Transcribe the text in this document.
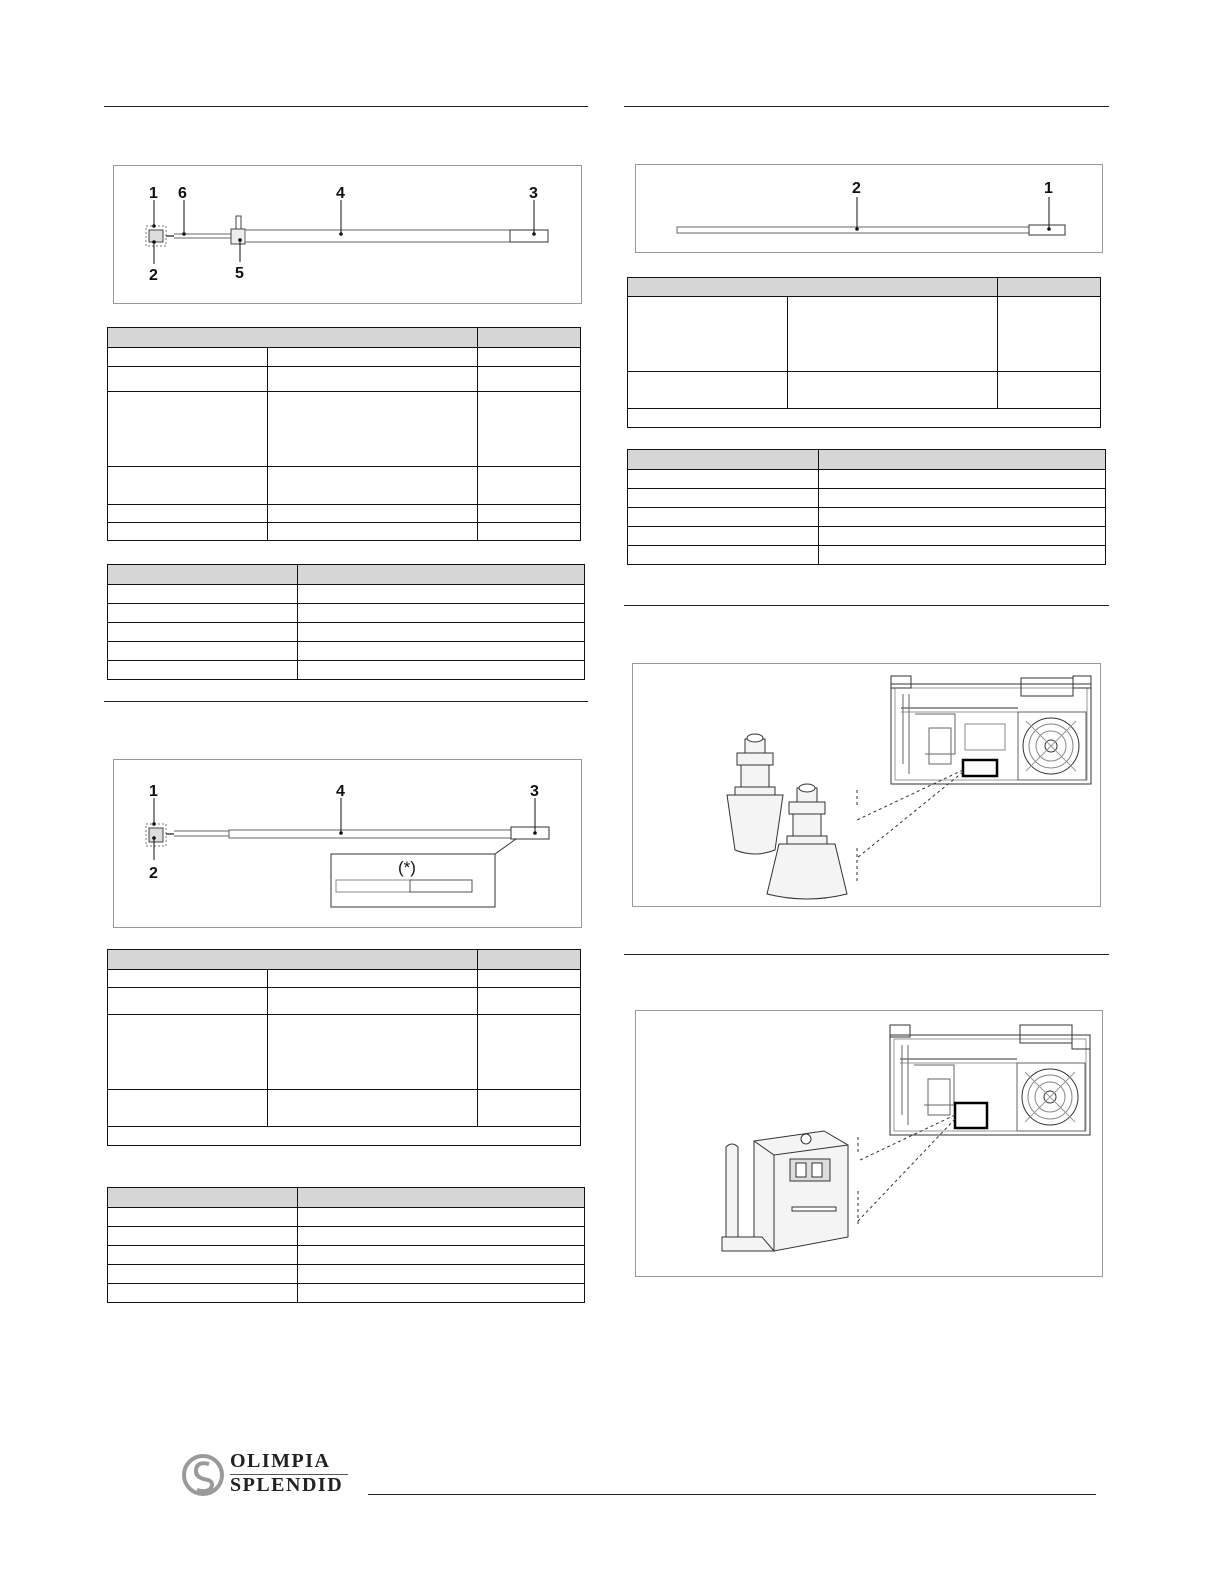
1 6	4	3
2	5

(*)
1	4	3
2

2	1

OLIMPIA
SPLENDID
